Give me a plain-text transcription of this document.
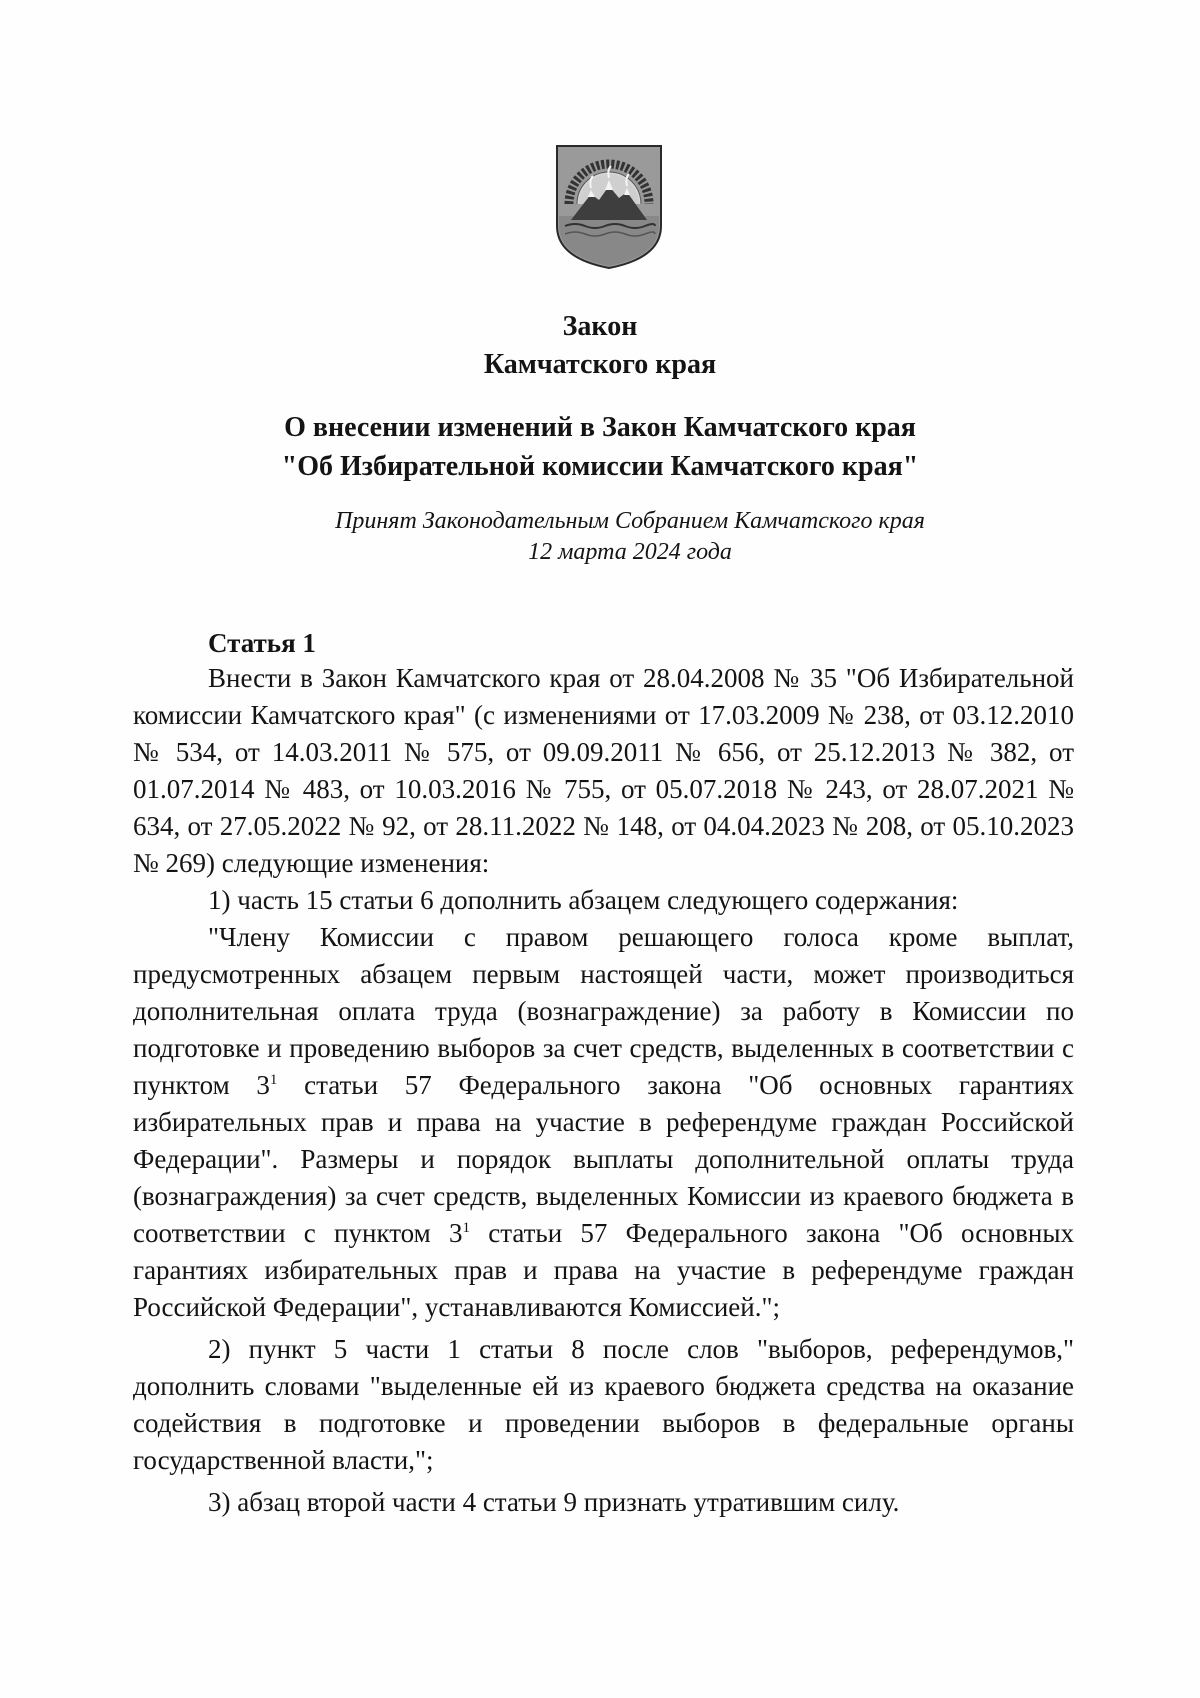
Закон
Камчатского края
О внесении изменений в Закон Камчатского края
"Об Избирательной комиссии Камчатского края"
Принят Законодательным Собранием Камчатского края
12 марта 2024 года
Статья 1

Внести в Закон Камчатского края от 28.04.2008 № 35 "Об Избирательной комиссии Камчатского края" (с изменениями от 17.03.2009 № 238, от 03.12.2010 № 534, от 14.03.2011 № 575, от 09.09.2011 № 656, от 25.12.2013 № 382, от 01.07.2014 № 483, от 10.03.2016 № 755, от 05.07.2018 № 243, от 28.07.2021 № 634, от 27.05.2022 № 92, от 28.11.2022 № 148, от 04.04.2023 № 208, от 05.10.2023 № 269) следующие изменения:

1) часть 15 статьи 6 дополнить абзацем следующего содержания:

"Члену Комиссии с правом решающего голоса кроме выплат, предусмотренных абзацем первым настоящей части, может производиться дополнительная оплата труда (вознаграждение) за работу в Комиссии по подготовке и проведению выборов за счет средств, выделенных в соответствии с пунктом $3^1$ статьи 57 Федерального закона "Об основных гарантиях избирательных прав и права на участие в референдуме граждан Российской Федерации". Размеры и порядок выплаты дополнительной оплаты труда (вознаграждения) за счет средств, выделенных Комиссии из краевого бюджета в соответствии с пунктом $3^1$ статьи 57 Федерального закона "Об основных гарантиях избирательных прав и права на участие в референдуме граждан Российской Федерации", устанавливаются Комиссией.";

2) пункт 5 части 1 статьи 8 после слов "выборов, референдумов," дополнить словами "выделенные ей из краевого бюджета средства на оказание содействия в подготовке и проведении выборов в федеральные органы государственной власти,";

3) абзац второй части 4 статьи 9 признать утратившим силу.
